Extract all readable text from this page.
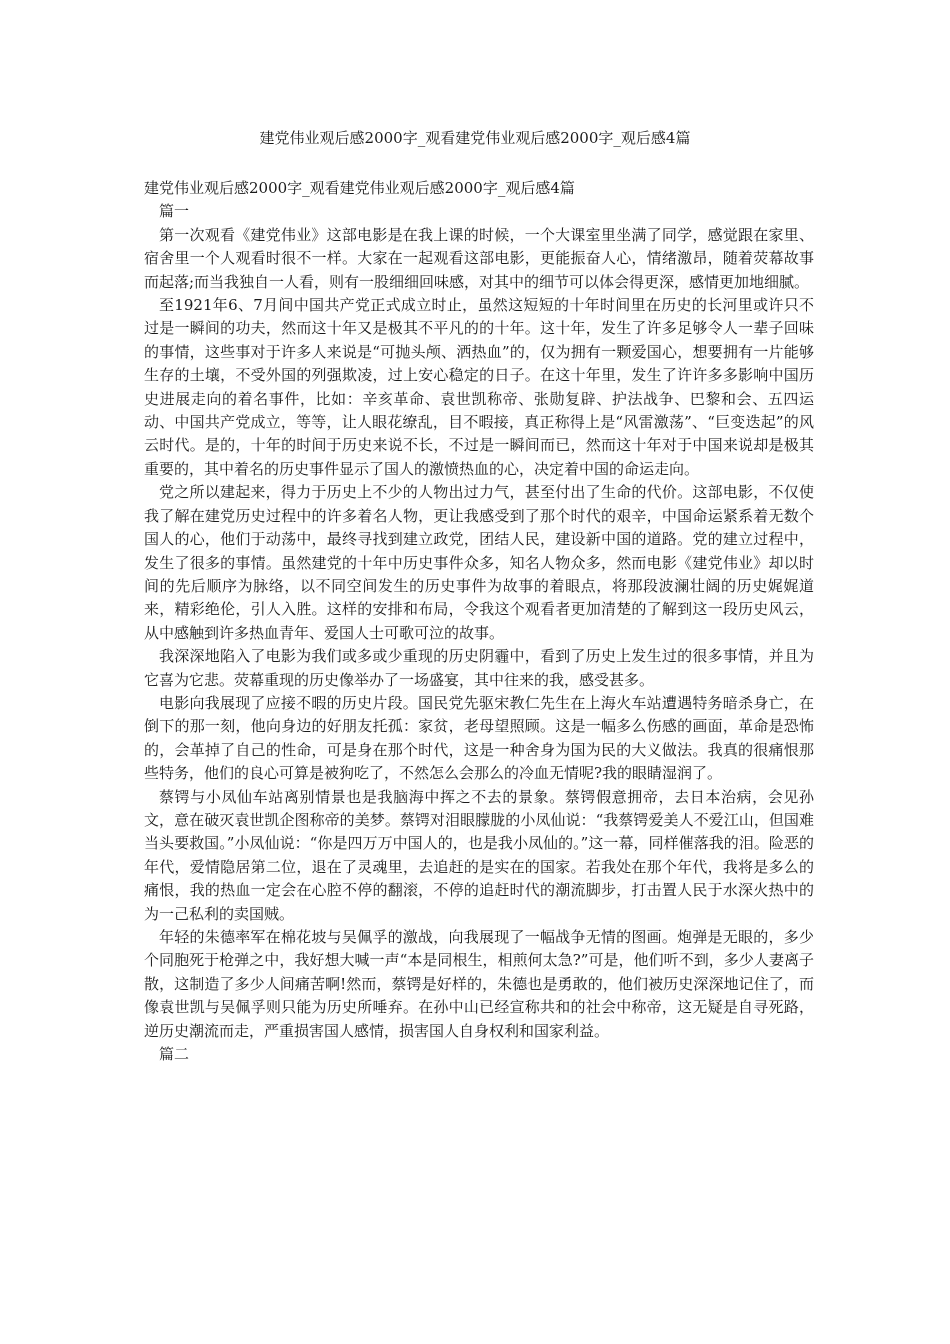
建党伟业观后感2000字_观看建党伟业观后感2000字_观后感4篇

建党伟业观后感2000字_观看建党伟业观后感2000字_观后感4篇

篇一

第一次观看《建党伟业》这部电影是在我上课的时候，一个大课室里坐满了同学，感觉跟在家里、宿舍里一个人观看时很不一样。大家在一起观看这部电影，更能振奋人心，情绪激昂，随着荧幕故事而起落;而当我独自一人看，则有一股细细回味感，对其中的细节可以体会得更深，感情更加地细腻。

至1921年6、7月间中国共产党正式成立时止，虽然这短短的十年时间里在历史的长河里或许只不过是一瞬间的功夫，然而这十年又是极其不平凡的的十年。这十年，发生了许多足够令人一辈子回味的事情，这些事对于许多人来说是“可抛头颅、洒热血”的，仅为拥有一颗爱国心，想要拥有一片能够生存的土壤，不受外国的列强欺凌，过上安心稳定的日子。在这十年里，发生了许许多多影响中国历史进展走向的着名事件，比如：辛亥革命、袁世凯称帝、张勋复辟、护法战争、巴黎和会、五四运动、中国共产党成立，等等，让人眼花缭乱，目不暇接，真正称得上是“风雷激荡”、“巨变迭起”的风云时代。是的，十年的时间于历史来说不长，不过是一瞬间而已，然而这十年对于中国来说却是极其重要的，其中着名的历史事件显示了国人的激愤热血的心，决定着中国的命运走向。

党之所以建起来，得力于历史上不少的人物出过力气，甚至付出了生命的代价。这部电影，不仅使我了解在建党历史过程中的许多着名人物，更让我感受到了那个时代的艰辛，中国命运紧系着无数个国人的心，他们于动荡中，最终寻找到建立政党，团结人民，建设新中国的道路。党的建立过程中，发生了很多的事情。虽然建党的十年中历史事件众多，知名人物众多，然而电影《建党伟业》却以时间的先后顺序为脉络，以不同空间发生的历史事件为故事的着眼点，将那段波澜壮阔的历史娓娓道来，精彩绝伦，引人入胜。这样的安排和布局，令我这个观看者更加清楚的了解到这一段历史风云，从中感触到许多热血青年、爱国人士可歌可泣的故事。

我深深地陷入了电影为我们或多或少重现的历史阴霾中，看到了历史上发生过的很多事情，并且为它喜为它悲。荧幕重现的历史像举办了一场盛宴，其中往来的我，感受甚多。

电影向我展现了应接不暇的历史片段。国民党先驱宋教仁先生在上海火车站遭遇特务暗杀身亡，在倒下的那一刻，他向身边的好朋友托孤：家贫，老母望照顾。这是一幅多么伤感的画面，革命是恐怖的，会革掉了自己的性命，可是身在那个时代，这是一种舍身为国为民的大义做法。我真的很痛恨那些特务，他们的良心可算是被狗吃了，不然怎么会那么的冷血无情呢?我的眼睛湿润了。

蔡锷与小凤仙车站离别情景也是我脑海中挥之不去的景象。蔡锷假意拥帝，去日本治病，会见孙文，意在破灭袁世凯企图称帝的美梦。蔡锷对泪眼朦胧的小凤仙说：“我蔡锷爱美人不爱江山，但国难当头要救国。”小凤仙说：“你是四万万中国人的，也是我小凤仙的。”这一幕，同样催落我的泪。险恶的年代，爱情隐居第二位，退在了灵魂里，去追赶的是实在的国家。若我处在那个年代，我将是多么的痛恨，我的热血一定会在心腔不停的翻滚，不停的追赶时代的潮流脚步，打击置人民于水深火热中的为一己私利的卖国贼。

年轻的朱德率军在棉花坡与吴佩孚的激战，向我展现了一幅战争无情的图画。炮弹是无眼的，多少个同胞死于枪弹之中，我好想大喊一声“本是同根生，相煎何太急?”可是，他们听不到，多少人妻离子散，这制造了多少人间痛苦啊!然而，蔡锷是好样的，朱德也是勇敢的，他们被历史深深地记住了，而像袁世凯与吴佩孚则只能为历史所唾弃。在孙中山已经宣称共和的社会中称帝，这无疑是自寻死路，逆历史潮流而走，严重损害国人感情，损害国人自身权利和国家利益。

篇二
